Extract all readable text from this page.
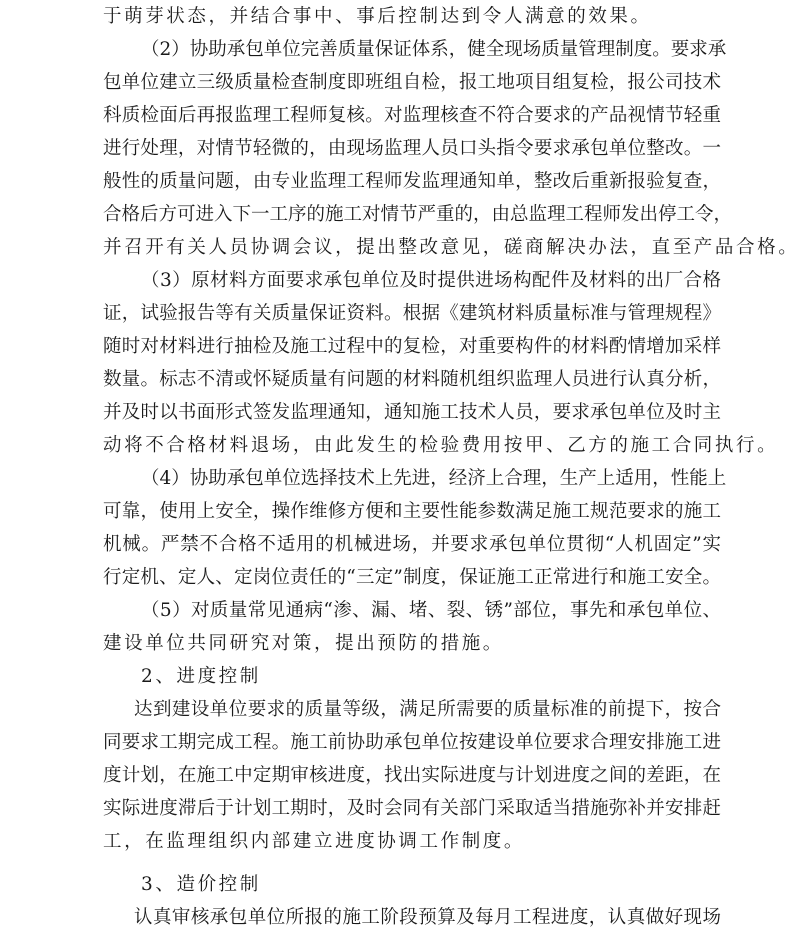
于萌芽状态，并结合事中、事后控制达到令人满意的效果。
（2）协助承包单位完善质量保证体系，健全现场质量管理制度。要求承
包单位建立三级质量检查制度即班组自检，报工地项目组复检，报公司技术
科质检面后再报监理工程师复核。对监理核查不符合要求的产品视情节轻重
进行处理，对情节轻微的，由现场监理人员口头指令要求承包单位整改。一
般性的质量问题，由专业监理工程师发监理通知单，整改后重新报验复查，
合格后方可进入下一工序的施工对情节严重的，由总监理工程师发出停工令，
并召开有关人员协调会议，提出整改意见，磋商解决办法，直至产品合格。
（3）原材料方面要求承包单位及时提供进场构配件及材料的出厂合格
证，试验报告等有关质量保证资料。根据《建筑材料质量标准与管理规程》
随时对材料进行抽检及施工过程中的复检，对重要构件的材料酌情增加采样
数量。标志不清或怀疑质量有问题的材料随机组织监理人员进行认真分析，
并及时以书面形式签发监理通知，通知施工技术人员，要求承包单位及时主
动将不合格材料退场，由此发生的检验费用按甲、乙方的施工合同执行。
（4）协助承包单位选择技术上先进，经济上合理，生产上适用，性能上
可靠，使用上安全，操作维修方便和主要性能参数满足施工规范要求的施工
机械。严禁不合格不适用的机械进场，并要求承包单位贯彻“人机固定”实
行定机、定人、定岗位责任的“三定”制度，保证施工正常进行和施工安全。
（5）对质量常见通病“渗、漏、堵、裂、锈”部位，事先和承包单位、
建设单位共同研究对策，提出预防的措施。
2、进度控制
达到建设单位要求的质量等级，满足所需要的质量标准的前提下，按合
同要求工期完成工程。施工前协助承包单位按建设单位要求合理安排施工进
度计划，在施工中定期审核进度，找出实际进度与计划进度之间的差距，在
实际进度滞后于计划工期时，及时会同有关部门采取适当措施弥补并安排赶
工，在监理组织内部建立进度协调工作制度。
3、造价控制
认真审核承包单位所报的施工阶段预算及每月工程进度，认真做好现场
